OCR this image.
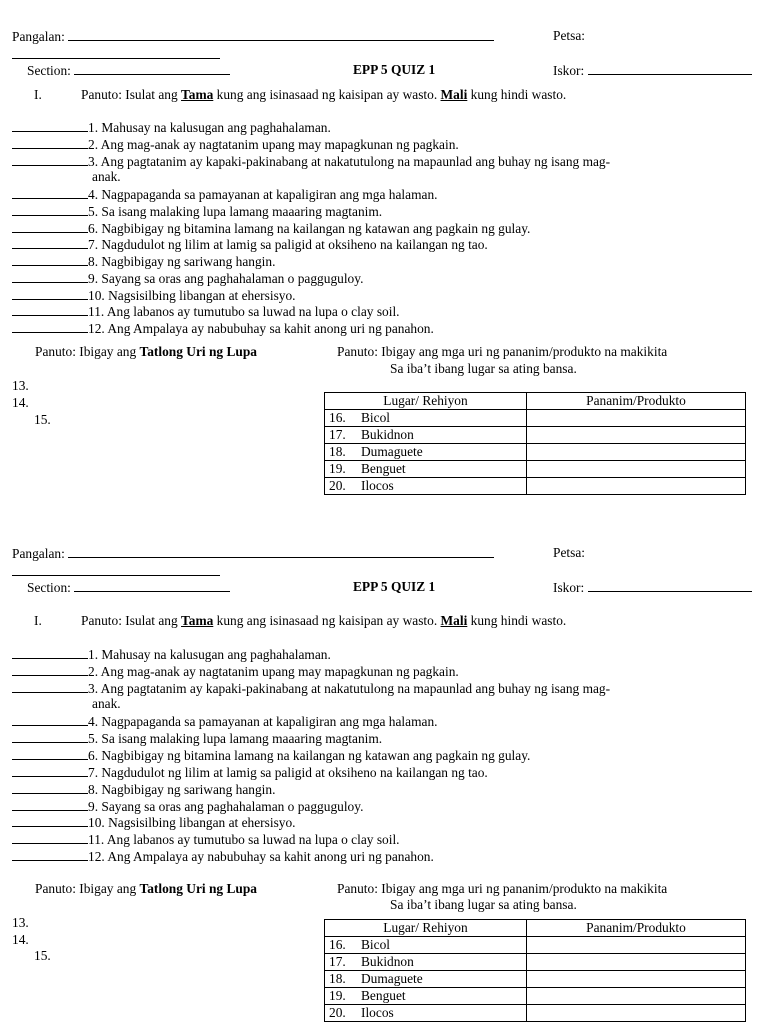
Pangalan:	Petsa:
Section:	EPP 5 QUIZ 1	Iskor:
I.	Panuto: Isulat ang Tama kung ang isinasaad ng kaisipan ay wasto. Mali kung hindi wasto.
1. Mahusay na kalusugan ang paghahalaman.
2. Ang mag-anak ay nagtatanim upang may mapagkunan ng pagkain.
3. Ang pagtatanim ay kapaki-pakinabang at nakatutulong na mapaunlad ang buhay ng isang mag-
anak.
4. Nagpapaganda sa pamayanan at kapaligiran ang mga halaman.
5. Sa isang malaking lupa lamang maaaring magtanim.
6. Nagbibigay ng bitamina lamang na kailangan ng katawan ang pagkain ng gulay.
7. Nagdudulot ng lilim at lamig sa paligid at oksiheno na kailangan ng tao.
8. Nagbibigay ng sariwang hangin.
9. Sayang sa oras ang paghahalaman o pagguguloy.
10. Nagsisilbing libangan at ehersisyo.
11. Ang labanos ay tumutubo sa luwad na lupa o clay soil.
12. Ang Ampalaya ay nabubuhay sa kahit anong uri ng panahon.
Panuto: Ibigay ang Tatlong Uri ng Lupa	Panuto: Ibigay ang mga uri ng pananim/produkto na makikita
Sa iba’t ibang lugar sa ating bansa.
13.
14.
15.
Lugar/ Rehiyon	Pananim/Produkto
16. Bicol	
17. Bukidnon	
18. Dumaguete	
19. Benguet	
20. Ilocos	
Pangalan:	Petsa:
Section:	EPP 5 QUIZ 1	Iskor:
I.	Panuto: Isulat ang Tama kung ang isinasaad ng kaisipan ay wasto. Mali kung hindi wasto.
1. Mahusay na kalusugan ang paghahalaman.
2. Ang mag-anak ay nagtatanim upang may mapagkunan ng pagkain.
3. Ang pagtatanim ay kapaki-pakinabang at nakatutulong na mapaunlad ang buhay ng isang mag-
anak.
4. Nagpapaganda sa pamayanan at kapaligiran ang mga halaman.
5. Sa isang malaking lupa lamang maaaring magtanim.
6. Nagbibigay ng bitamina lamang na kailangan ng katawan ang pagkain ng gulay.
7. Nagdudulot ng lilim at lamig sa paligid at oksiheno na kailangan ng tao.
8. Nagbibigay ng sariwang hangin.
9. Sayang sa oras ang paghahalaman o pagguguloy.
10. Nagsisilbing libangan at ehersisyo.
11. Ang labanos ay tumutubo sa luwad na lupa o clay soil.
12. Ang Ampalaya ay nabubuhay sa kahit anong uri ng panahon.
Panuto: Ibigay ang Tatlong Uri ng Lupa	Panuto: Ibigay ang mga uri ng pananim/produkto na makikita
Sa iba’t ibang lugar sa ating bansa.
13.
14.
15.
Lugar/ Rehiyon	Pananim/Produkto
16. Bicol	
17. Bukidnon	
18. Dumaguete	
19. Benguet	
20. Ilocos	
